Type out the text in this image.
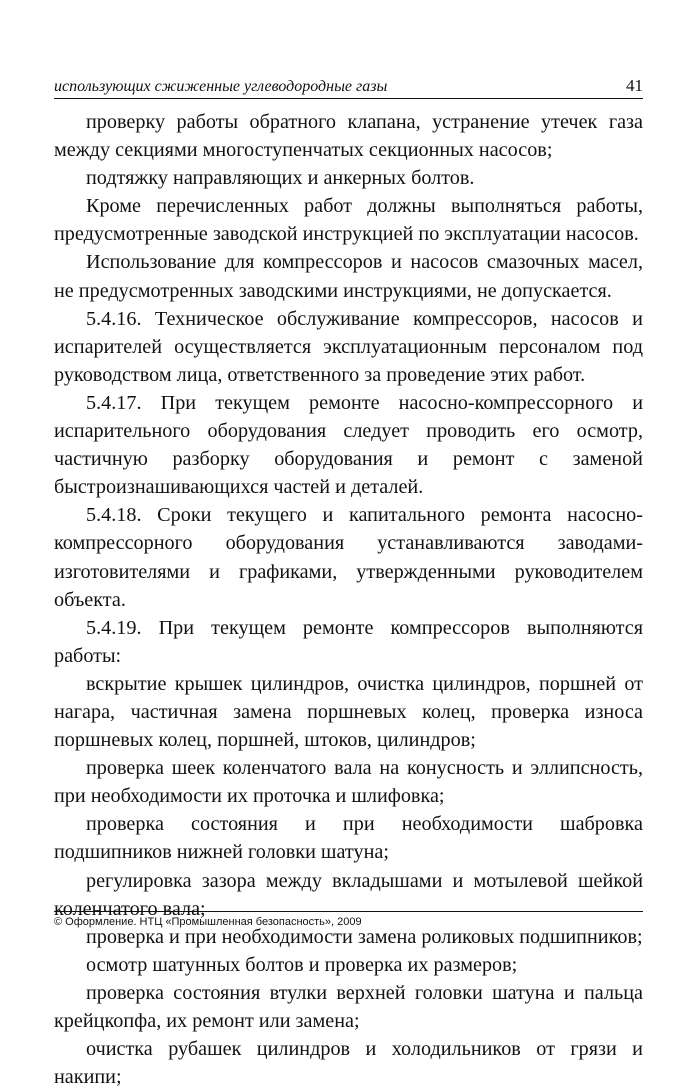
использующих сжиженные углеводородные газы	41

проверку работы обратного клапана, устранение утечек газа между секциями многоступенчатых секционных насосов;

подтяжку направляющих и анкерных болтов.

Кроме перечисленных работ должны выполняться работы, предусмотренные заводской инструкцией по эксплуатации насосов.

Использование для компрессоров и насосов смазочных масел, не предусмотренных заводскими инструкциями, не допускается.

5.4.16. Техническое обслуживание компрессоров, насосов и испарителей осуществляется эксплуатационным персоналом под руководством лица, ответственного за проведение этих работ.

5.4.17. При текущем ремонте насосно-компрессорного и испарительного оборудования следует проводить его осмотр, частичную разборку оборудования и ремонт с заменой быстроизнашивающихся частей и деталей.

5.4.18. Сроки текущего и капитального ремонта насосно-компрессорного оборудования устанавливаются заводами-изготовителями и графиками, утвержденными руководителем объекта.

5.4.19. При текущем ремонте компрессоров выполняются работы:

вскрытие крышек цилиндров, очистка цилиндров, поршней от нагара, частичная замена поршневых колец, проверка износа поршневых колец, поршней, штоков, цилиндров;

проверка шеек коленчатого вала на конусность и эллипсность, при необходимости их проточка и шлифовка;

проверка состояния и при необходимости шабровка подшипников нижней головки шатуна;

регулировка зазора между вкладышами и мотылевой шейкой коленчатого вала;

проверка и при необходимости замена роликовых подшипников;

осмотр шатунных болтов и проверка их размеров;

проверка состояния втулки верхней головки шатуна и пальца крейцкопфа, их ремонт или замена;

очистка рубашек цилиндров и холодильников от грязи и накипи;

© Оформление. НТЦ «Промышленная безопасность», 2009
